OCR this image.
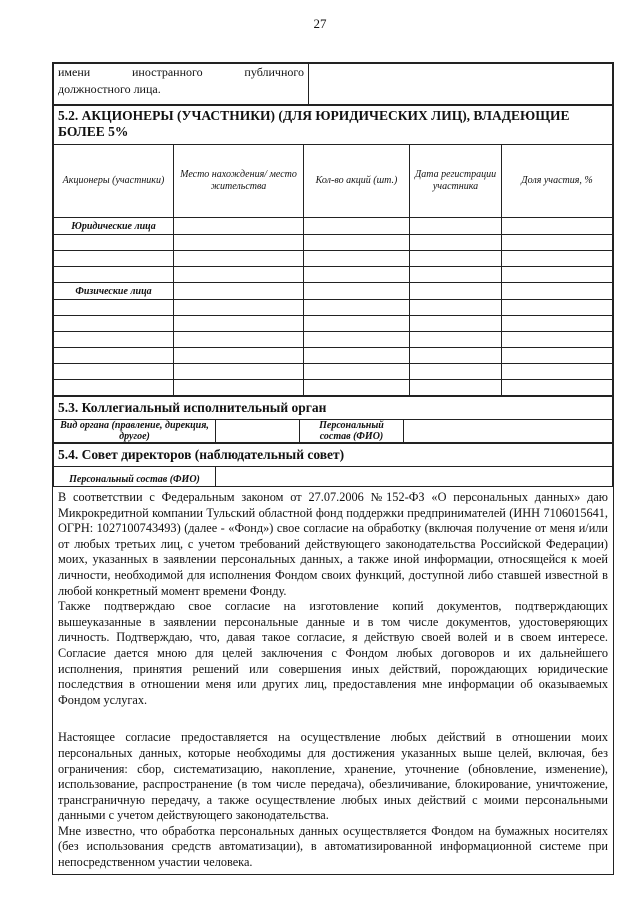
27
имени иностранного публичного
должностного лица.

5.2. АКЦИОНЕРЫ (УЧАСТНИКИ) (ДЛЯ ЮРИДИЧЕСКИХ ЛИЦ), ВЛАДЕЮЩИЕ БОЛЕЕ 5%				
Акционеры (участники)	Место нахождения/ место жительства	Кол-во акций (шт.)	Дата регистрации участника	Доля участия, %
Юридические лица				

Физические лица				

5.3. Коллегиальный исполнительный орган
Вид органа (правление, дирекция, другое)		Персональный состав (ФИО)	
5.4. Совет директоров (наблюдательный совет)
Персональный состав (ФИО)	

В соответствии с Федеральным законом от 27.07.2006 №152-ФЗ «О персональных данных» даю Микрокредитной компании Тульский областной фонд поддержки предпринимателей (ИНН 7106015641, ОГРН: 1027100743493) (далее - «Фонд») свое согласие на обработку (включая получение от меня и/или от любых третьих лиц, с учетом требований действующего законодательства Российской Федерации) моих, указанных в заявлении персональных данных, а также иной информации, относящейся к моей личности, необходимой для исполнения Фондом своих функций, доступной либо ставшей известной в любой конкретный момент времени Фонду.

Также подтверждаю свое согласие на изготовление копий документов, подтверждающих вышеуказанные в заявлении персональные данные и в том числе документов, удостоверяющих личность. Подтверждаю, что, давая такое согласие, я действую своей волей и в своем интересе. Согласие дается мною для целей заключения с Фондом любых договоров и их дальнейшего исполнения, принятия решений или совершения иных действий, порождающих юридические последствия в отношении меня или других лиц, предоставления мне информации об оказываемых Фондом услугах.

Настоящее согласие предоставляется на осуществление любых действий в отношении моих персональных данных, которые необходимы для достижения указанных выше целей, включая, без ограничения: сбор, систематизацию, накопление, хранение, уточнение (обновление, изменение), использование, распространение (в том числе передача), обезличивание, блокирование, уничтожение, трансграничную передачу, а также осуществление любых иных действий с моими персональными данными с учетом действующего законодательства.

Мне известно, что обработка персональных данных осуществляется Фондом на бумажных носителях (без использования средств автоматизации), в автоматизированной информационной системе при непосредственном участии человека.
